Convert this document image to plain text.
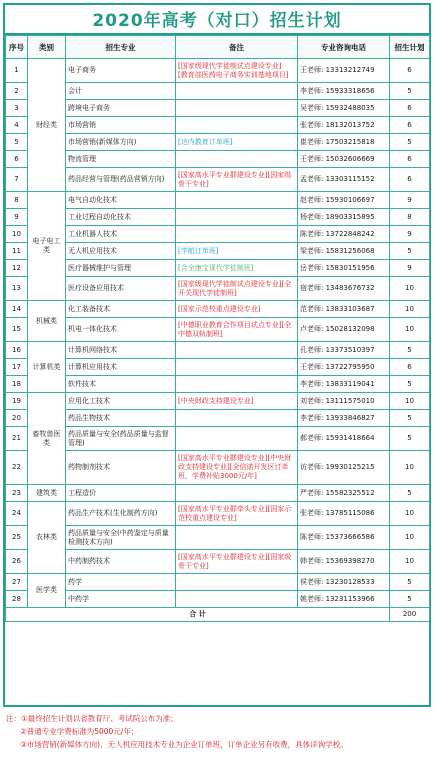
2020年高考（对口）招生计划
序号	类别	招生专业	备注	专业咨询电话	招生计划
1	财经类	电子商务	[国家级现代学徒制试点建设专业]
[教育部医药电子商务实训基地项目]	王老师: 13313212749	6
2		会计		李老师: 15933318656	5
3		跨境电子商务		吴老师: 15932488035	6
4		市场营销		张老师: 18132013752	6
5		市场营销(新媒体方向)	[达内教育订单班]	崔老师: 17503215818	5
6		物流管理		王老师: 15032606669	6
7		药品经营与管理(药品营销方向)	[国家高水平专业群建设专业][国家级骨干专业]	孟老师: 13303115152	6
8	电子电工类	电气自动化技术		赵老师: 15930106697	9
9		工业过程自动化技术		杨老师: 18903315895	8
10		工业机器人技术		陈老师: 13722848242	9
11		无人机应用技术	[学航订单班]	梁老师: 15831256068	5
12		医疗器械维护与管理	[合全康宝现代学徒制班]	岳老师: 15830151956	9
13		医疗设备应用技术	[国家级现代学徒制试点建设专业][全开关现代学徒制班]	宿老师: 13483676732	10
14	机械类	化工装备技术	[国家示范校重点建设专业]	范老师: 13833103687	10
15		机电一体化技术	[中德职业教育合作项目试点专业][全中德双轨制班]	卢老师: 15028132098	10
16	计算机类	计算机网络技术		孔老师: 13373510397	5
17		计算机应用技术		王老师: 13722795950	6
18		软件技术		李老师: 13833119041	5
19	畜牧兽医类	应用化工技术	[中央财政支持建设专业]	刘老师: 13111575010	10
20		药品生物技术		李老师: 13933846827	5
21		药品质量与安全(药品质量与监督管理)		郝老师: 15931418664	5
22		药物制剂技术	[国家高水平专业群建设专业][中央财政支持建设专业][全信诺开发区订单班，学费补贴3000元/年]	访老师: 19930125215	10
23	建筑类	工程造价		严老师: 15582325512	5
24	农林类	药品生产技术(生化制药方向)	[国家高水平专业群牵头专业][国家示范校重点建设专业]	张老师: 13785115086	10
25		药品质量与安全(中药鉴定与质量检测技术方向)		陈老师: 15373666586	10
26		中药制药技术	[国家高水平专业群建设专业][国家级骨干专业]	韩老师: 15369398270	10
27	医学类	药学		侯老师: 13230128533	5
28		中药学		姚老师: 13231153966	5
合 计					200
注：①最终招生计划以省教育厅、考试院公布为准；
②普通专业学费标准为5000元/年；
③市场营销(新媒体方向)、无人机应用技术专业为企业订单班，订单企业另有收费，具体详询学校。
